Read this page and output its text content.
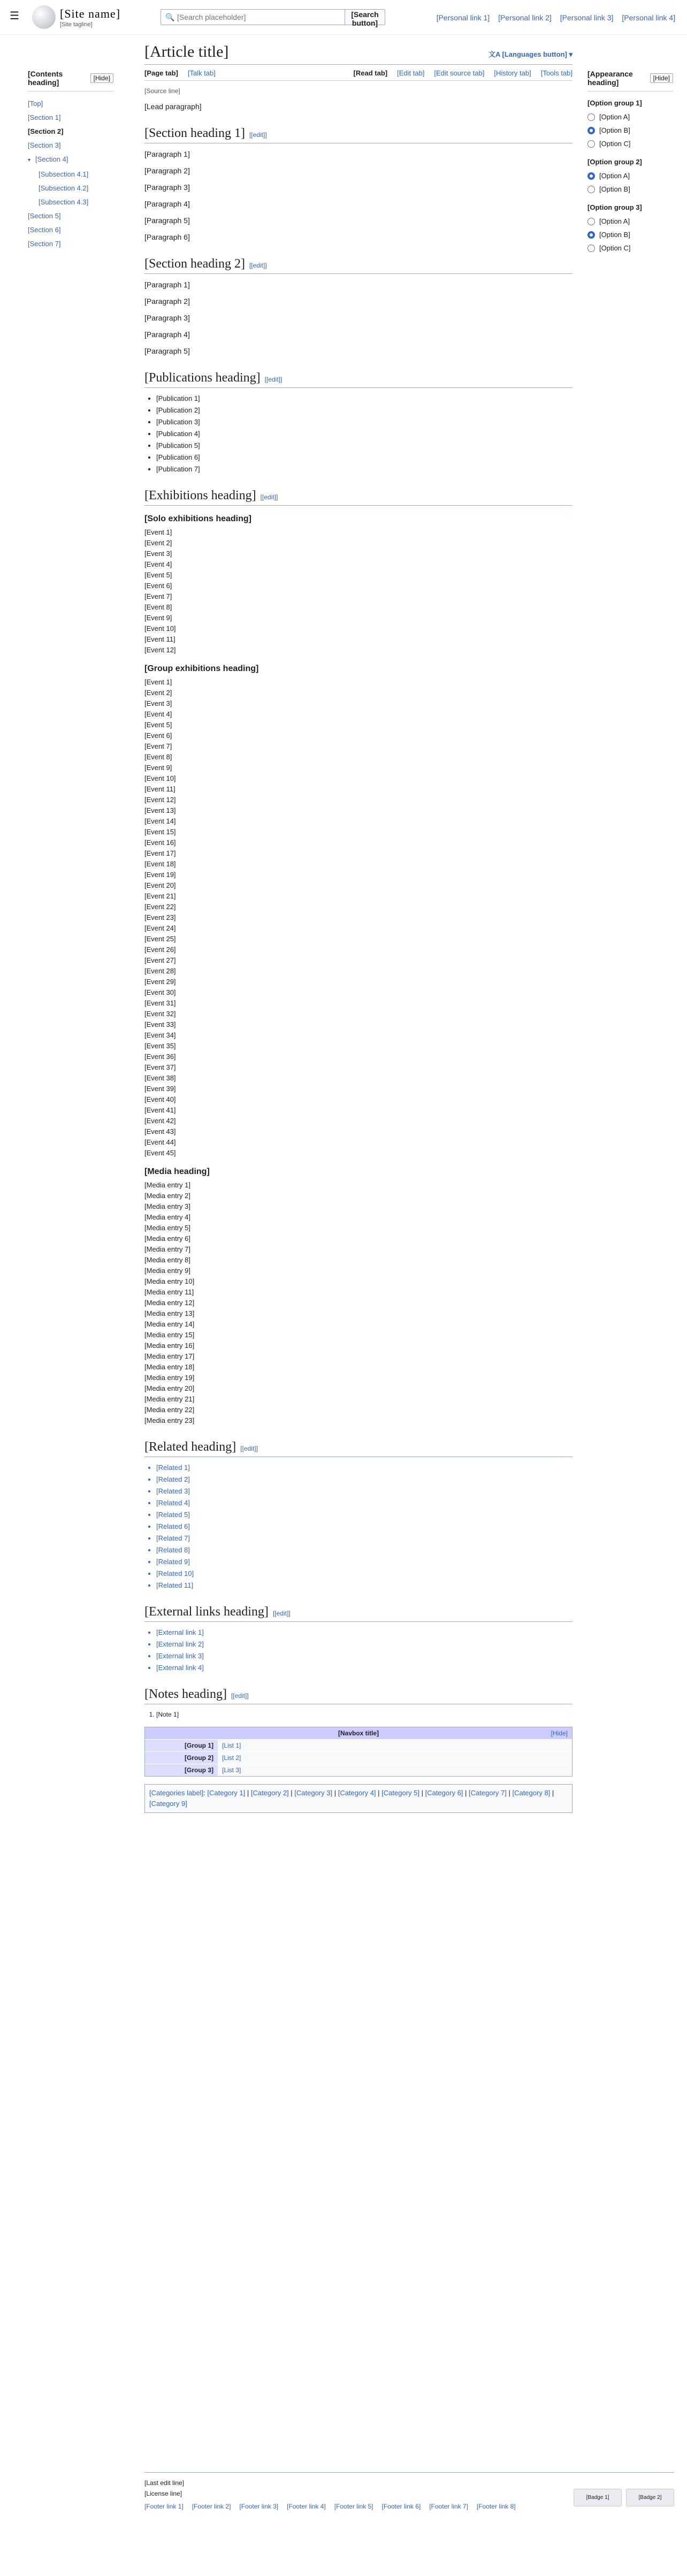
☰	[Site name]
[Site tagline]
🔍
[Search placeholder]	[Search button]
[Personal link 1] [Personal link 2] [Personal link 3] [Personal link 4]
[Contents heading]	[Hide]
[Top]
[Section 1]
[Section 2]
[Section 3]
▾ [Section 4]
[Subsection 4.1]
[Subsection 4.2]
[Subsection 4.3]
[Section 5]
[Section 6]
[Section 7]
[Appearance heading]	[Hide]
[Option group 1]
[Option A]
[Option B]
[Option C]
[Option group 2]
[Option A]
[Option B]
[Option group 3]
[Option A]
[Option B]
[Option C]
[Article title]	文A [Languages button] ▾
[Page tab] [Talk tab]	[Read tab] [Edit tab] [Edit source tab] [History tab] [Tools tab]
[Source line]

[Lead paragraph]

[Section heading 1] [[edit]]

[Paragraph 1]

[Paragraph 2]

[Paragraph 3]

[Paragraph 4]

[Paragraph 5]

[Paragraph 6]

[Section heading 2] [[edit]]

[Paragraph 1]

[Paragraph 2]

[Paragraph 3]

[Paragraph 4]

[Paragraph 5]

[Publications heading] [[edit]]
• [Publication 1]
• [Publication 2]
• [Publication 3]
• [Publication 4]
• [Publication 5]
• [Publication 6]
• [Publication 7]
[Exhibitions heading] [[edit]]
[Solo exhibitions heading]
[Event 1]
[Event 2]
[Event 3]
[Event 4]
[Event 5]
[Event 6]
[Event 7]
[Event 8]
[Event 9]
[Event 10]
[Event 11]
[Event 12]
[Group exhibitions heading]
[Event 1]
[Event 2]
[Event 3]
[Event 4]
[Event 5]
[Event 6]
[Event 7]
[Event 8]
[Event 9]
[Event 10]
[Event 11]
[Event 12]
[Event 13]
[Event 14]
[Event 15]
[Event 16]
[Event 17]
[Event 18]
[Event 19]
[Event 20]
[Event 21]
[Event 22]
[Event 23]
[Event 24]
[Event 25]
[Event 26]
[Event 27]
[Event 28]
[Event 29]
[Event 30]
[Event 31]
[Event 32]
[Event 33]
[Event 34]
[Event 35]
[Event 36]
[Event 37]
[Event 38]
[Event 39]
[Event 40]
[Event 41]
[Event 42]
[Event 43]
[Event 44]
[Event 45]
[Media heading]
[Media entry 1]
[Media entry 2]
[Media entry 3]
[Media entry 4]
[Media entry 5]
[Media entry 6]
[Media entry 7]
[Media entry 8]
[Media entry 9]
[Media entry 10]
[Media entry 11]
[Media entry 12]
[Media entry 13]
[Media entry 14]
[Media entry 15]
[Media entry 16]
[Media entry 17]
[Media entry 18]
[Media entry 19]
[Media entry 20]
[Media entry 21]
[Media entry 22]
[Media entry 23]
[Related heading] [[edit]]
• [Related 1]
• [Related 2]
• [Related 3]
• [Related 4]
• [Related 5]
• [Related 6]
• [Related 7]
• [Related 8]
• [Related 9]
• [Related 10]
• [Related 11]
[External links heading] [[edit]]
• [External link 1]
• [External link 2]
• [External link 3]
• [External link 4]
[Notes heading] [[edit]]
1. [Note 1]
[Navbox title]	[Hide]
[Group 1]	[List 1]
[Group 2]	[List 2]
[Group 3]	[List 3]
[Categories label]: [Category 1] | [Category 2] | [Category 3] | [Category 4] | [Category 5] | [Category 6] | [Category 7] | [Category 8] | [Category 9]
[Last edit line]
[License line]
[Footer link 1] [Footer link 2] [Footer link 3] [Footer link 4] [Footer link 5] [Footer link 6] [Footer link 7] [Footer link 8]
[Badge 1]	[Badge 2]
